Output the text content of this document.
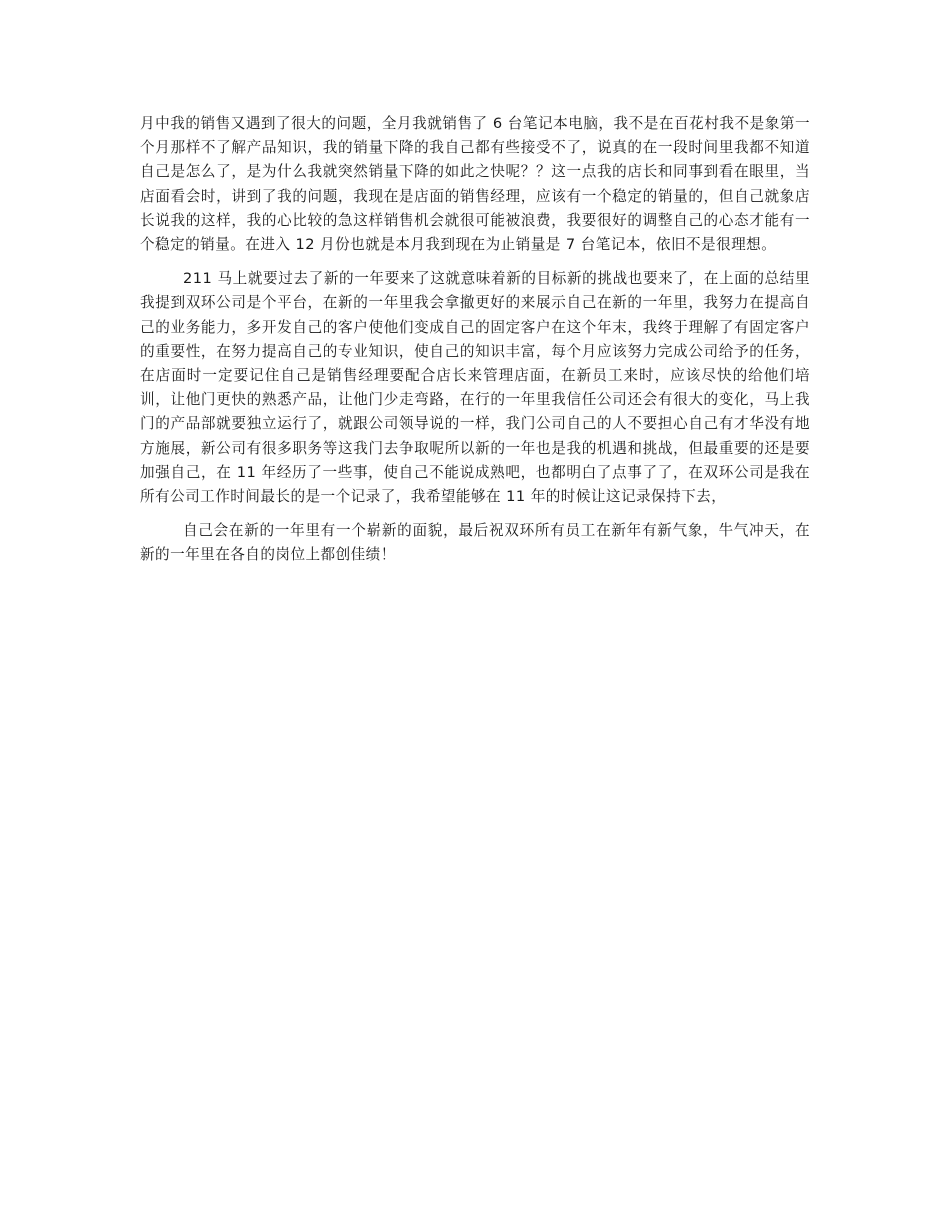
月中我的销售又遇到了很大的问题，全月我就销售了 6 台笔记本电脑，我不是在百花村我不是象第一个月那样不了解产品知识，我的销量下降的我自己都有些接受不了，说真的在一段时间里我都不知道自己是怎么了，是为什么我就突然销量下降的如此之快呢？？这一点我的店长和同事到看在眼里，当店面看会时，讲到了我的问题，我现在是店面的销售经理，应该有一个稳定的销量的，但自己就象店长说我的这样，我的心比较的急这样销售机会就很可能被浪费，我要很好的调整自己的心态才能有一个稳定的销量。在进入 12 月份也就是本月我到现在为止销量是 7 台笔记本，依旧不是很理想。

211 马上就要过去了新的一年要来了这就意味着新的目标新的挑战也要来了，在上面的总结里我提到双环公司是个平台，在新的一年里我会拿撤更好的来展示自己在新的一年里，我努力在提高自己的业务能力，多开发自己的客户使他们变成自己的固定客户在这个年末，我终于理解了有固定客户的重要性，在努力提高自己的专业知识，使自己的知识丰富，每个月应该努力完成公司给予的任务，在店面时一定要记住自己是销售经理要配合店长来管理店面，在新员工来时，应该尽快的给他们培训，让他门更快的熟悉产品，让他门少走弯路，在行的一年里我信任公司还会有很大的变化，马上我门的产品部就要独立运行了，就跟公司领导说的一样，我门公司自己的人不要担心自己有才华没有地方施展，新公司有很多职务等这我门去争取呢所以新的一年也是我的机遇和挑战，但最重要的还是要加强自己，在 11 年经历了一些事，使自己不能说成熟吧，也都明白了点事了了，在双环公司是我在所有公司工作时间最长的是一个记录了，我希望能够在 11 年的时候让这记录保持下去，

自己会在新的一年里有一个崭新的面貌，最后祝双环所有员工在新年有新气象，牛气冲天，在新的一年里在各自的岗位上都创佳绩！
